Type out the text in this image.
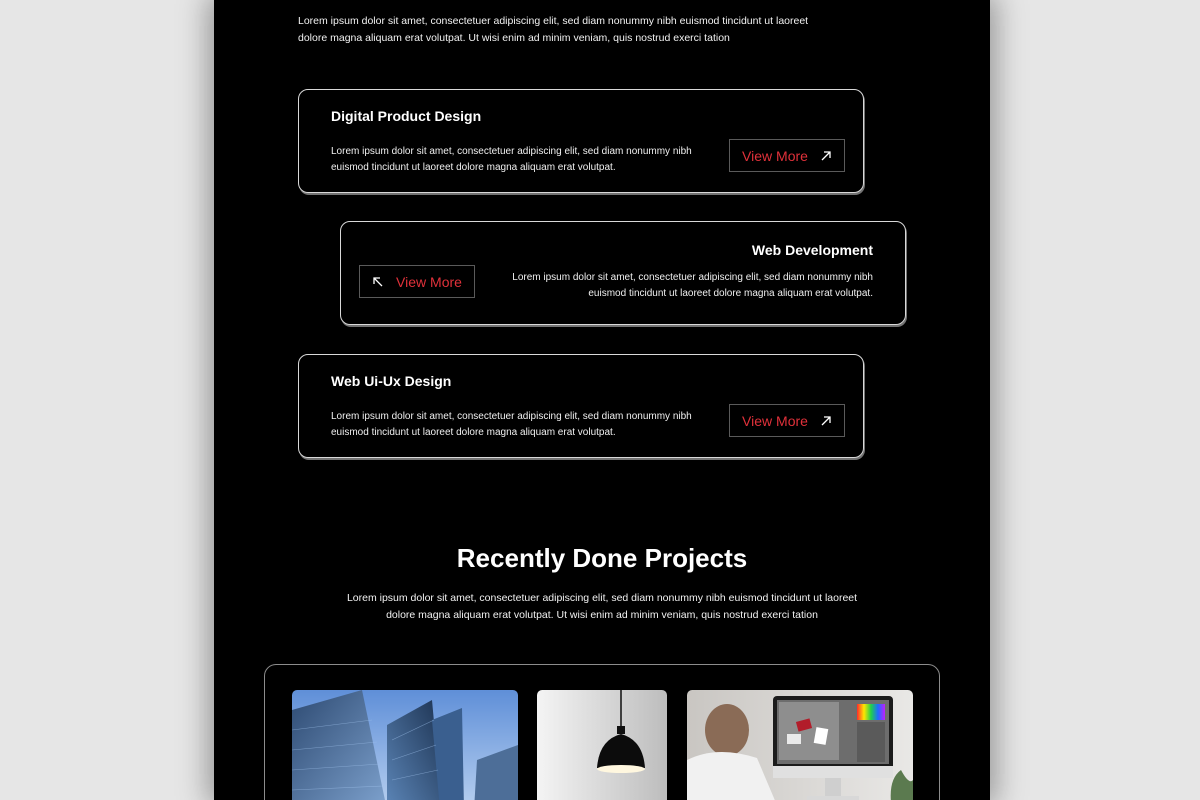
Lorem ipsum dolor sit amet, consectetuer adipiscing elit, sed diam nonummy nibh euismod tincidunt ut laoreet dolore magna aliquam erat volutpat. Ut wisi enim ad minim veniam, quis nostrud exerci tation

Digital Product Design

Lorem ipsum dolor sit amet, consectetuer adipiscing elit, sed diam nonummy nibh euismod tincidunt ut laoreet dolore magna aliquam erat volutpat.

View More
Web Development

Lorem ipsum dolor sit amet, consectetuer adipiscing elit, sed diam nonummy nibh euismod tincidunt ut laoreet dolore magna aliquam erat volutpat.

View More
Web Ui-Ux Design

Lorem ipsum dolor sit amet, consectetuer adipiscing elit, sed diam nonummy nibh euismod tincidunt ut laoreet dolore magna aliquam erat volutpat.

View More
Recently Done Projects

Lorem ipsum dolor sit amet, consectetuer adipiscing elit, sed diam nonummy nibh euismod tincidunt ut laoreet dolore magna aliquam erat volutpat. Ut wisi enim ad minim veniam, quis nostrud exerci tation
